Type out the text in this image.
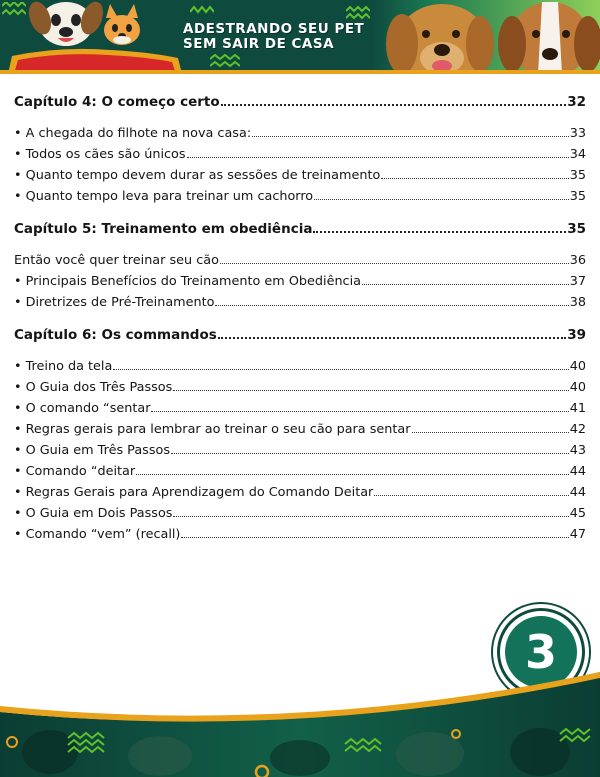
ADESTRANDO SEU PET
SEM SAIR DE CASA
Capítulo 4: O começo certo	32
• A chegada do filhote na nova casa:	33
• Todos os cães são únicos	34
• Quanto tempo devem durar as sessões de treinamento	35
• Quanto tempo leva para treinar um cachorro	35
Capítulo 5: Treinamento em obediência	35
Então você quer treinar seu cão	36
• Principais Benefícios do Treinamento em Obediência	37
• Diretrizes de Pré-Treinamento	38
Capítulo 6: Os commandos	39
• Treino da tela	40
• O Guia dos Três Passos	40
• O comando “sentar	41
• Regras gerais para lembrar ao treinar o seu cão para sentar	42
• O Guia em Três Passos	43
• Comando “deitar	44
• Regras Gerais para Aprendizagem do Comando Deitar	44
• O Guia em Dois Passos	45
• Comando “vem” (recall)	47
3
